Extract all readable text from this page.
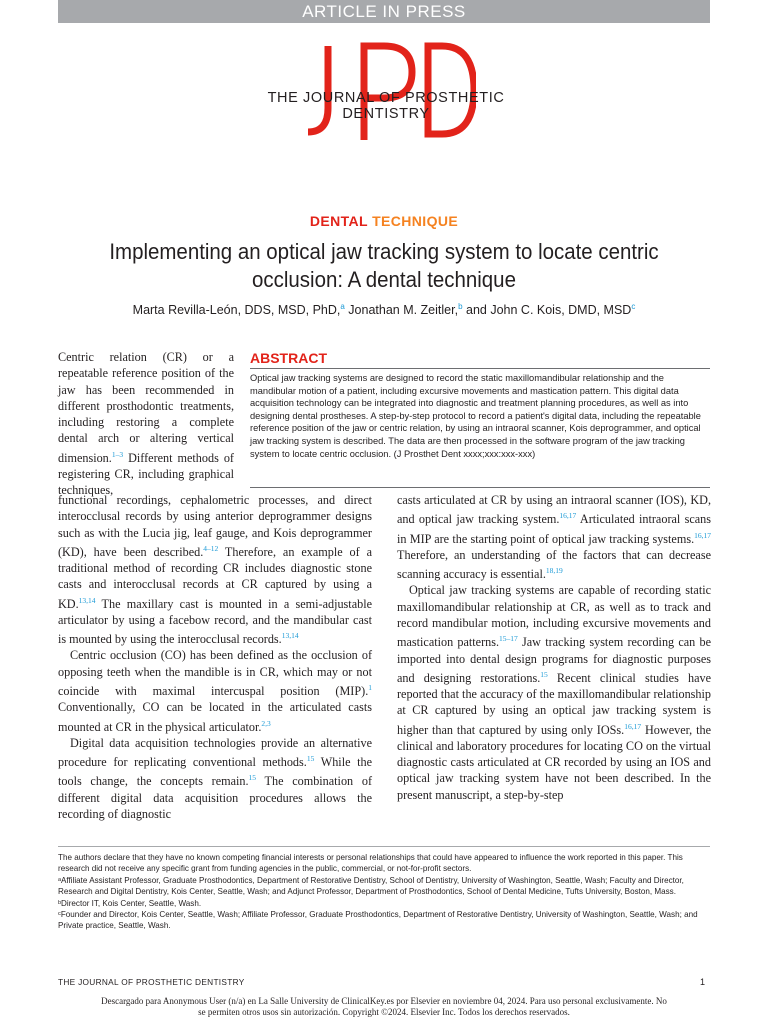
ARTICLE IN PRESS
THE JOURNAL OF PROSTHETIC DENTISTRY
DENTAL TECHNIQUE
Implementing an optical jaw tracking system to locate centric occlusion: A dental technique
Marta Revilla-León, DDS, MSD, PhD,$^a$ Jonathan M. Zeitler,$^b$ and John C. Kois, DMD, MSD$^c$

Centric relation (CR) or a repeatable reference position of the jaw has been recommended in different prosthodontic treatments, including restoring a complete dental arch or altering vertical dimension.$^{1-3}$ Different methods of registering CR, including graphical techniques,

ABSTRACT
Optical jaw tracking systems are designed to record the static maxillomandibular relationship and the mandibular motion of a patient, including excursive movements and mastication pattern. This digital data acquisition technology can be integrated into diagnostic and treatment planning procedures, as well as into designing dental prostheses. A step-by-step protocol to record a patient's digital data, including the repeatable reference position of the jaw or centric relation, by using an intraoral scanner, Kois deprogrammer, and optical jaw tracking system is described. The data are then processed in the software program of the jaw tracking system to locate centric occlusion. (J Prosthet Dent xxxx;xxx:xxx-xxx)

functional recordings, cephalometric processes, and direct interocclusal records by using anterior deprogrammer designs such as with the Lucia jig, leaf gauge, and Kois deprogrammer (KD), have been described.$^{4-12}$ Therefore, an example of a traditional method of recording CR includes diagnostic stone casts and interocclusal records at CR captured by using a KD.$^{13,14}$ The maxillary cast is mounted in a semi-adjustable articulator by using a facebow record, and the mandibular cast is mounted by using the interocclusal records.$^{13,14}$

Centric occlusion (CO) has been defined as the occlusion of opposing teeth when the mandible is in CR, which may or not coincide with maximal intercuspal position (MIP).$^1$ Conventionally, CO can be located in the articulated casts mounted at CR in the physical articulator.$^{2,3}$

Digital data acquisition technologies provide an alternative procedure for replicating conventional methods.$^{15}$ While the tools change, the concepts remain.$^{15}$ The combination of different digital data acquisition procedures allows the recording of diagnostic

casts articulated at CR by using an intraoral scanner (IOS), KD, and optical jaw tracking system.$^{16,17}$ Articulated intraoral scans in MIP are the starting point of optical jaw tracking systems.$^{16,17}$ Therefore, an understanding of the factors that can decrease scanning accuracy is essential.$^{18,19}$

Optical jaw tracking systems are capable of recording static maxillomandibular relationship at CR, as well as to track and record mandibular motion, including excursive movements and mastication patterns.$^{15-17}$ Jaw tracking system recording can be imported into dental design programs for diagnostic purposes and designing restorations.$^{15}$ Recent clinical studies have reported that the accuracy of the maxillomandibular relationship at CR captured by using an optical jaw tracking system is higher than that captured by using only IOSs.$^{16,17}$ However, the clinical and laboratory procedures for locating CO on the virtual diagnostic casts articulated at CR recorded by using an IOS and optical jaw tracking system have not been described. In the present manuscript, a step-by-step

The authors declare that they have no known competing financial interests or personal relationships that could have appeared to influence the work reported in this paper. This research did not receive any specific grant from funding agencies in the public, commercial, or not-for-profit sectors.

ᵃAffiliate Assistant Professor, Graduate Prosthodontics, Department of Restorative Dentistry, School of Dentistry, University of Washington, Seattle, Wash; Faculty and Director, Research and Digital Dentistry, Kois Center, Seattle, Wash; and Adjunct Professor, Department of Prosthodontics, School of Dental Medicine, Tufts University, Boston, Mass.

ᵇDirector IT, Kois Center, Seattle, Wash.

ᶜFounder and Director, Kois Center, Seattle, Wash; Affiliate Professor, Graduate Prosthodontics, Department of Restorative Dentistry, University of Washington, Seattle, Wash; and Private practice, Seattle, Wash.

THE JOURNAL OF PROSTHETIC DENTISTRY	1
Descargado para Anonymous User (n/a) en La Salle University de ClinicalKey.es por Elsevier en noviembre 04, 2024. Para uso personal exclusivamente. No se permiten otros usos sin autorización. Copyright ©2024. Elsevier Inc. Todos los derechos reservados.
